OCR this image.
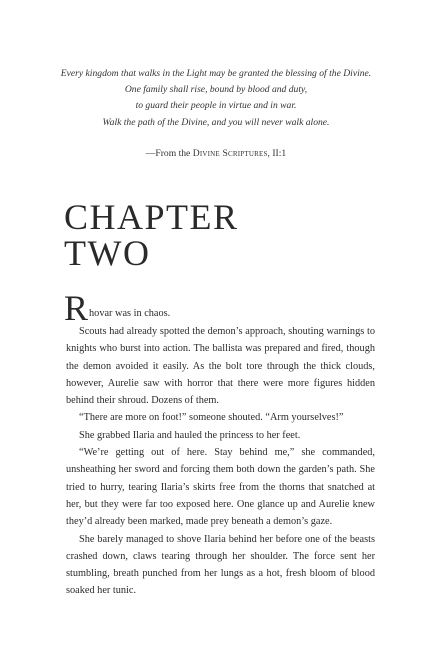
Every kingdom that walks in the Light may be granted the blessing of the Divine.
One family shall rise, bound by blood and duty,
to guard their people in virtue and in war.
Walk the path of the Divine, and you will never walk alone.
—From the Divine Scriptures, II:1
CHAPTER
TWO

R hovar was in chaos.

Scouts had already spotted the demon’s approach, shouting warnings to knights who burst into action. The ballista was prepared and fired, though the demon avoided it easily. As the bolt tore through the thick clouds, however, Aurelie saw with horror that there were more figures hidden behind their shroud. Dozens of them.

“There are more on foot!” someone shouted. “Arm yourselves!”

She grabbed Ilaria and hauled the princess to her feet.

“We’re getting out of here. Stay behind me,” she commanded, unsheathing her sword and forcing them both down the garden’s path. She tried to hurry, tearing Ilaria’s skirts free from the thorns that snatched at her, but they were far too exposed here. One glance up and Aurelie knew they’d already been marked, made prey beneath a demon’s gaze.

She barely managed to shove Ilaria behind her before one of the beasts crashed down, claws tearing through her shoulder. The force sent her stumbling, breath punched from her lungs as a hot, fresh bloom of blood soaked her tunic.
